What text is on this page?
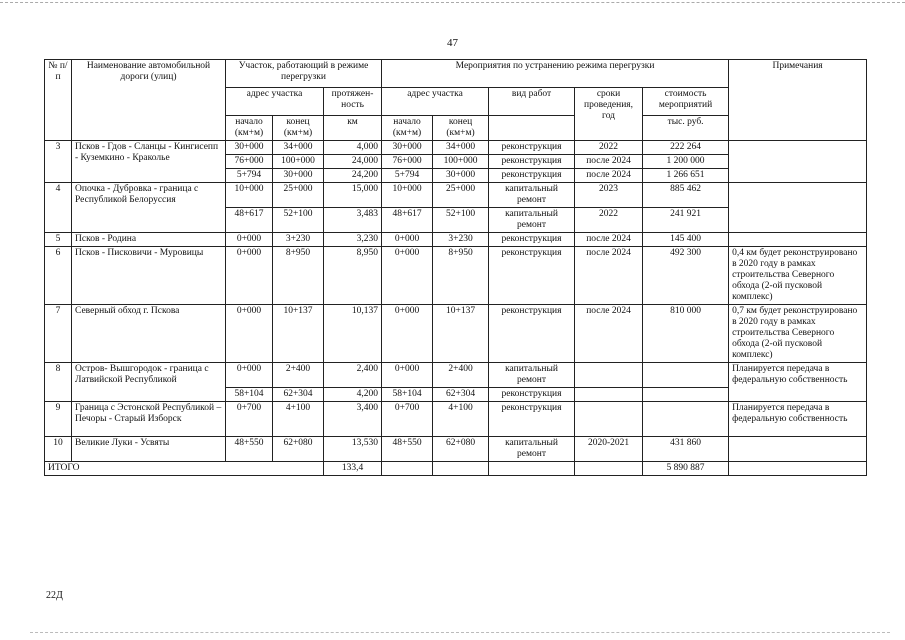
47
№ п/п	Наименование автомобильной дороги (улиц)	Участок, работающий в режиме перегрузки			Мероприятия по устранению режима перегрузки					Примечания
		адрес участка		протяжен-ность	адрес участка		вид работ	сроки проведения, год	стоимость мероприятий	
		начало (км+м)	конец (км+м)	км	начало (км+м)	конец (км+м)			тыс. руб.	
3	Псков - Гдов - Сланцы - Кингисепп - Куземкино - Краколье	30+000	34+000	4,000	30+000	34+000	реконструкция	2022	222 264	
		76+000	100+000	24,000	76+000	100+000	реконструкция	после 2024	1 200 000	
		5+794	30+000	24,200	5+794	30+000	реконструкция	после 2024	1 266 651	
4	Опочка - Дубровка - граница с Республикой Белоруссия	10+000	25+000	15,000	10+000	25+000	капитальный ремонт	2023	885 462	
		48+617	52+100	3,483	48+617	52+100	капитальный ремонт	2022	241 921	
5	Псков - Родина	0+000	3+230	3,230	0+000	3+230	реконструкция	после 2024	145 400	
6	Псков - Писковичи - Муровицы	0+000	8+950	8,950	0+000	8+950	реконструкция	после 2024	492 300	0,4 км будет реконструировано в 2020 году в рамках строительства Северного обхода (2-ой пусковой комплекс)
7	Северный обход г. Пскова	0+000	10+137	10,137	0+000	10+137	реконструкция	после 2024	810 000	0,7 км будет реконструировано в 2020 году в рамках строительства Северного обхода (2-ой пусковой комплекс)
8	Остров- Вышгородок - граница с Латвийской Республикой	0+000	2+400	2,400	0+000	2+400	капитальный ремонт			Планируется передача в федеральную собственность
		58+104	62+304	4,200	58+104	62+304	реконструкция			
9	Граница с Эстонской Республикой – Печоры - Старый Изборск	0+700	4+100	3,400	0+700	4+100	реконструкция			Планируется передача в федеральную собственность
10	Великие Луки - Усвяты	48+550	62+080	13,530	48+550	62+080	капитальный ремонт	2020-2021	431 860	
ИТОГО				133,4					5 890 887	
22Д
